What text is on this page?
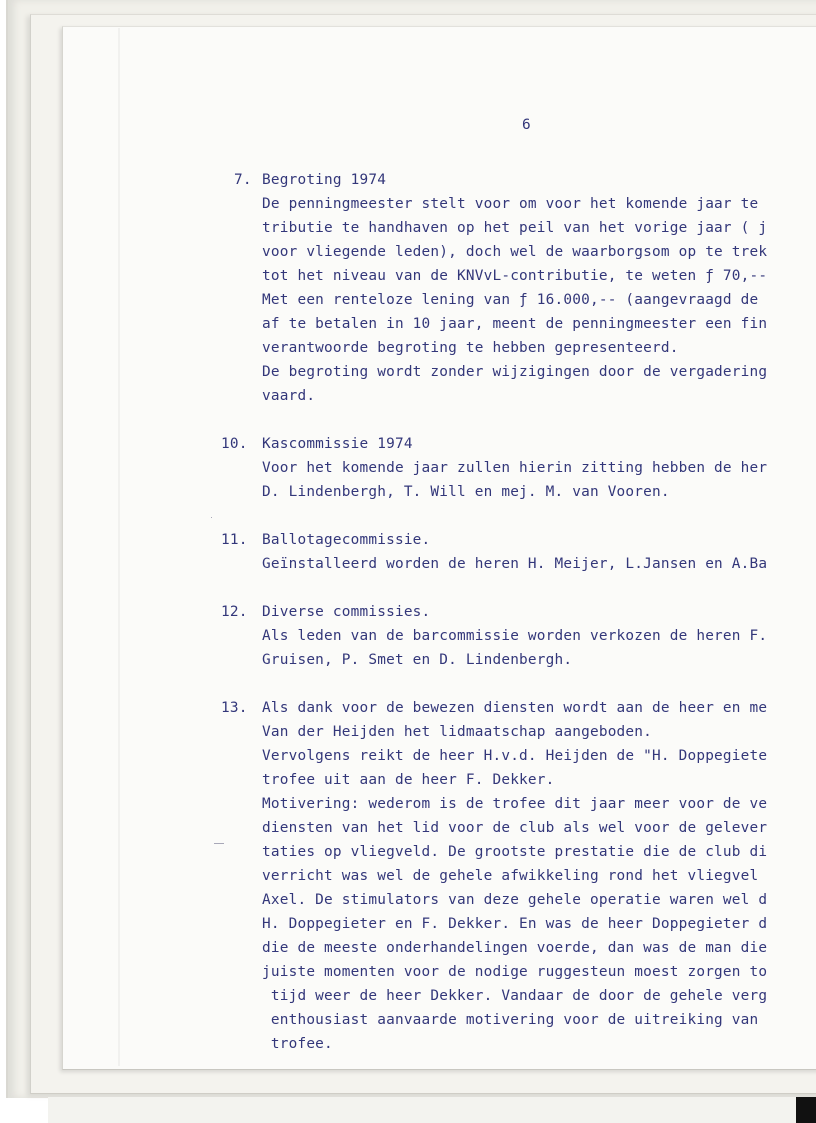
6
7. Begroting 1974
De penningmeester stelt voor om voor het komende jaar te
tributie te handhaven op het peil van het vorige jaar ( j
voor vliegende leden), doch wel de waarborgsom op te trek
tot het niveau van de KNVvL-contributie, te weten ƒ 70,--
Met een renteloze lening van ƒ 16.000,-- (aangevraagd de
af te betalen in 10 jaar, meent de penningmeester een fin
verantwoorde begroting te hebben gepresenteerd.
De begroting wordt zonder wijzigingen door de vergadering
vaard.
10. Kascommissie 1974
Voor het komende jaar zullen hierin zitting hebben de her
D. Lindenbergh, T. Will en mej. M. van Vooren.
11. Ballotagecommissie.
Geïnstalleerd worden de heren H. Meijer, L.Jansen en A.Ba
12. Diverse commissies.
Als leden van de barcommissie worden verkozen de heren F.
Gruisen, P. Smet en D. Lindenbergh.
13. Als dank voor de bewezen diensten wordt aan de heer en me
Van der Heijden het lidmaatschap aangeboden.
Vervolgens reikt de heer H.v.d. Heijden de "H. Doppegiete
trofee uit aan de heer F. Dekker.
Motivering: wederom is de trofee dit jaar meer voor de ve
diensten van het lid voor de club als wel voor de gelever
taties op vliegveld. De grootste prestatie die de club di
verricht was wel de gehele afwikkeling rond het vliegvel
Axel. De stimulators van deze gehele operatie waren wel d
H. Doppegieter en F. Dekker. En was de heer Doppegieter d
die de meeste onderhandelingen voerde, dan was de man die
juiste momenten voor de nodige ruggesteun moest zorgen to
tijd weer de heer Dekker. Vandaar de door de gehele verg
enthousiast aanvaarde motivering voor de uitreiking van
trofee.
